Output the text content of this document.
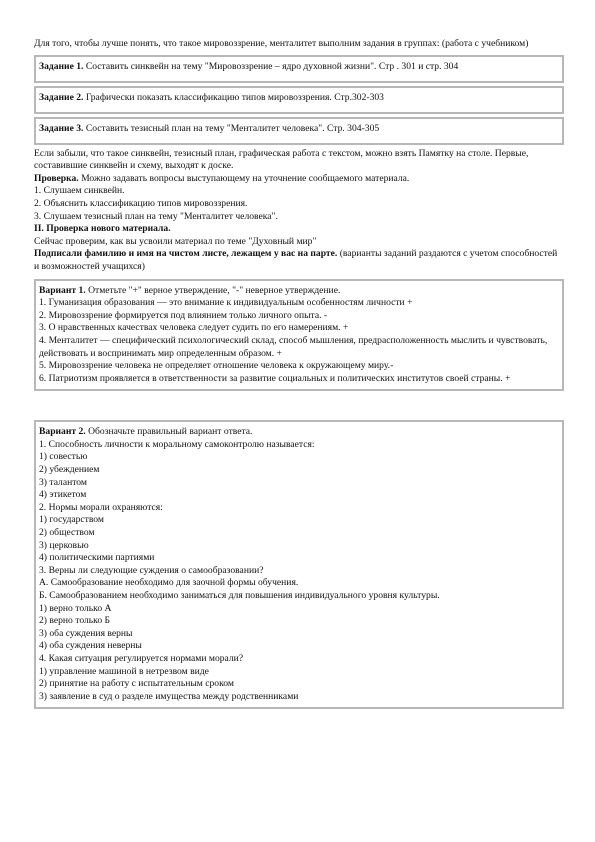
Для того, чтобы лучше понять, что такое мировоззрение, менталитет выполним задания в группах: (работа с учебником)

Задание 1. Составить синквейн на тему "Мировоззрение – ядро духовной жизни". Стр . 301 и стр. 304
Задание 2. Графически показать классификацию типов мировоззрения. Стр.302-303
Задание 3. Составить тезисный план на тему "Менталитет человека". Стр. 304-305

Если забыли, что такое синквейн, тезисный план, графическая работа с текстом, можно взять Памятку на столе. Первые, составившие синквейн и схему, выходят к доске.

Проверка. Можно задавать вопросы выступающему на уточнение сообщаемого материала.

1. Слушаем синквейн.

2. Объяснить классификацию типов мировоззрения.

3. Слушаем тезисный план на тему "Менталитет человека".

II. Проверка нового материала.

Сейчас проверим, как вы усвоили материал по теме "Духовный мир"

Подписали фамилию и имя на чистом листе, лежащем у вас на парте. (варианты заданий раздаются с учетом способностей и возможностей учащихся)

Вариант 1. Отметьте "+" верное утверждение, "-" неверное утверждение.

1. Гуманизация образования — это внимание к индивидуальным особенностям личности +

2. Мировоззрение формируется под влиянием только личного опыта. -

3. О нравственных качествах человека следует судить по его намерениям. +

4. Менталитет — специфический психологический склад, способ мышления, предрасположенность мыслить и чувствовать, действовать и воспринимать мир определенным образом. +

5. Мировоззрение человека не определяет отношение человека к окружающему миру.-

6. Патриотизм проявляется в ответственности за развитие социальных и политических институтов своей страны. +

Вариант 2. Обозначьте правильный вариант ответа.

1. Способность личности к моральному самоконтролю называется:

1) совестью

2) убеждением

3) талантом

4) этикетом

2. Нормы морали охраняются:

1) государством

2) обществом

3) церковью

4) политическими партиями

3. Верны ли следующие суждения о самообразовании?

А. Самообразование необходимо для заочной формы обучения.

Б. Самообразованием необходимо заниматься для повышения индивидуального уровня культуры.

1) верно только А

2) верно только Б

3) оба суждения верны

4) оба суждения неверны

4. Какая ситуация регулируется нормами морали?

1) управление машиной в нетрезвом виде

2) принятие на работу с испытательным сроком

3) заявление в суд о разделе имущества между родственниками
